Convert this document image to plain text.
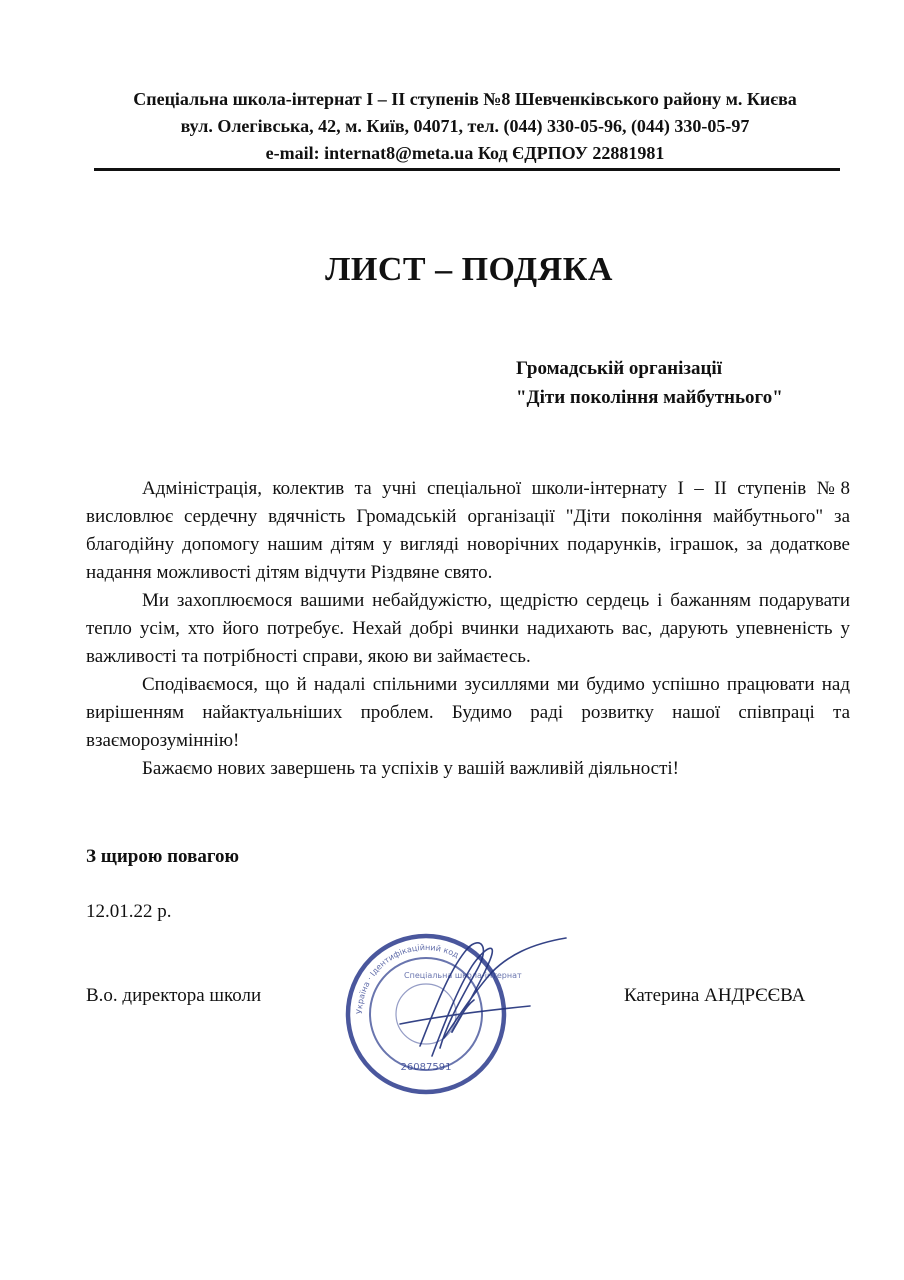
Спеціальна школа-інтернат І – ІІ ступенів №8 Шевченківського району м. Києва
вул. Олегівська, 42, м. Київ, 04071, тел. (044) 330-05-96, (044) 330-05-97
e-mail: internat8@meta.ua Код ЄДРПОУ 22881981
ЛИСТ – ПОДЯКА
Громадській організації
"Діти покоління майбутнього"

Адміністрація, колектив та учні спеціальної школи-інтернату І – ІІ ступенів №8 висловлює сердечну вдячність Громадській організації "Діти покоління майбутнього" за благодійну допомогу нашим дітям у вигляді новорічних подарунків, іграшок, за додаткове надання можливості дітям відчути Різдвяне свято.

Ми захоплюємося вашими небайдужістю, щедрістю сердець і бажанням подарувати тепло усім, хто його потребує. Нехай добрі вчинки надихають вас, дарують упевненість у важливості та потрібності справи, якою ви займаєтесь.

Сподіваємося, що й надалі спільними зусиллями ми будимо успішно працювати над вирішенням найактуальніших проблем. Будимо раді розвитку нашої співпраці та взаєморозуміннiю!

Бажаємо нових завершень та успіхів у вашій важливій діяльності!

З щирою повагою
12.01.22 р.
В.о. директора школи	Катерина АНДРЄЄВА
Україна · Ідентифікаційний код
Спеціальна школа-інтернат
26087591
